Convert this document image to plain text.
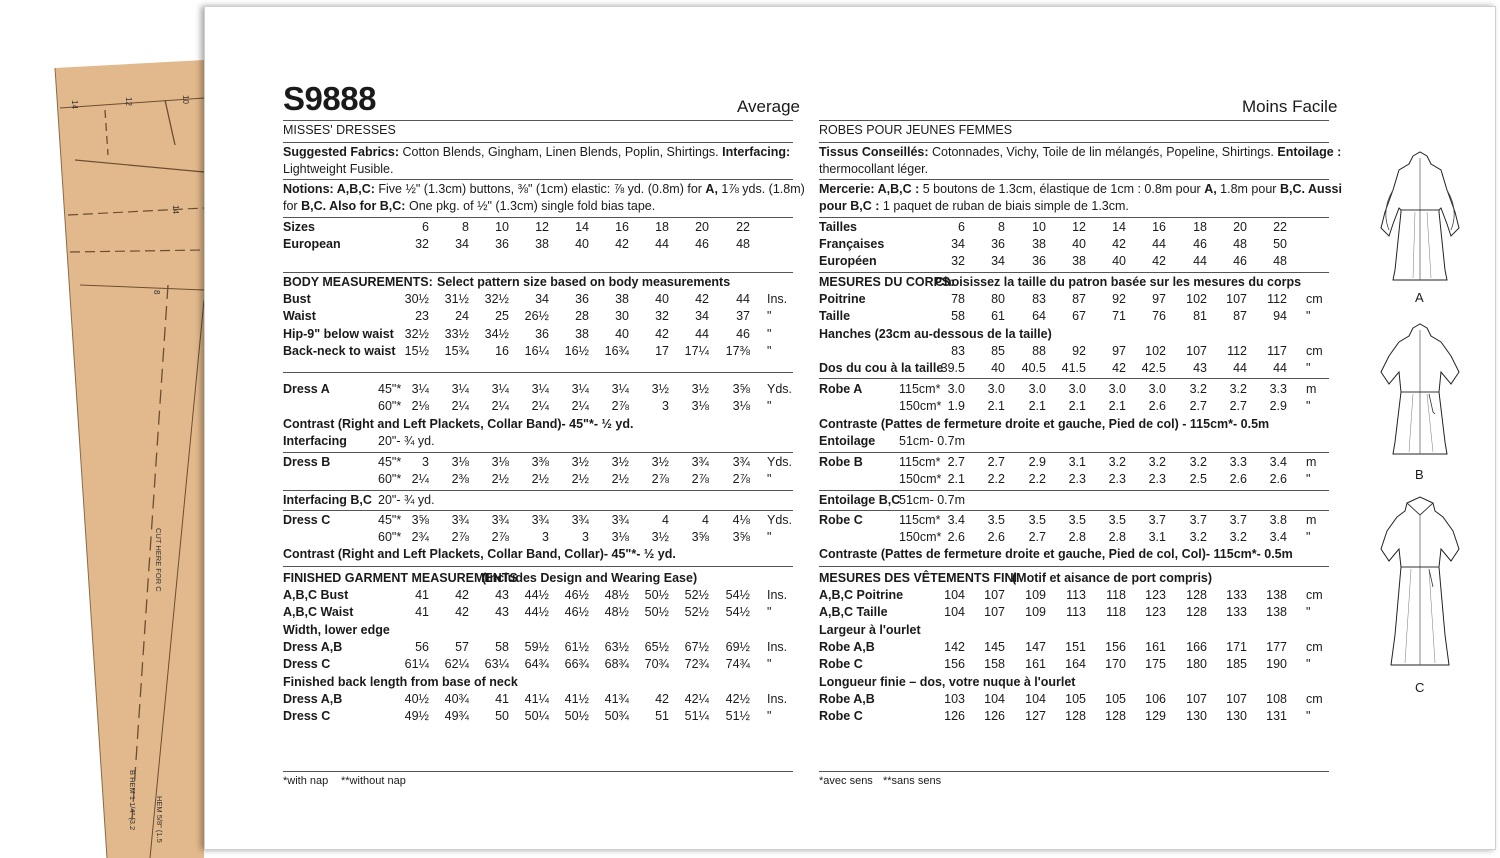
14	12	10
14
8
CUT HERE FOR C
B HEM 1 1/4" (3.2 HEM 5/8" (1.5
S9888	Average	Moins Facile
MISSES' DRESSES
Suggested Fabrics: Cotton Blends, Gingham, Linen Blends, Poplin, Shirtings. Interfacing:
Lightweight Fusible.
Notions: A,B,C: Five ½" (1.3cm) buttons, ⅜" (1cm) elastic: ⅞ yd. (0.8m) for A, 1⅞ yds. (1.8m)
for B,C. Also for B,C: One pkg. of ½" (1.3cm) single fold bias tape.
ROBES POUR JEUNES FEMMES
Tissus Conseillés: Cotonnades, Vichy, Toile de lin mélangés, Popeline, Shirtings. Entoilage :
thermocollant léger.
Mercerie: A,B,C : 5 boutons de 1.3cm, élastique de 1cm : 0.8m pour A, 1.8m pour B,C. Aussi
pour B,C : 1 paquet de ruban de biais simple de 1.3cm.
*with nap **without nap	*avec sens **sans sens
A
B
C
Sizes	6	8	10	12	14	16	18	20	22
European	32	34	36	38	40	42	44	46	48
BODY MEASUREMENTS: Select pattern size based on body measurements
Bust	30½	31½	32½	34	36	38	40	42	44 Ins.
Waist	23	24	25	26½	28	30	32	34	37 "
Hip-9" below waist 32½	33½	34½	36	38	40	42	44	46 "
Back-neck to waist 15½	15¾	16	16¼	16½	16¾	17	17¼	17⅜ "
Dress A	45"* 3¼	3¼	3¼	3¼	3¼	3¼	3½	3½	3⅝ Yds.
60"* 2⅛	2¼	2¼	2¼	2¼	2⅞	3	3⅛	3⅛ "
Contrast (Right and Left Plackets, Collar Band)- 45"*- ½ yd.
Interfacing 20"- ¾ yd.
Dress B	45"*	3	3⅛	3⅛	3⅜	3½	3½	3½	3¾	3¾ Yds.
60"* 2¼	2⅜	2½	2½	2½	2½	2⅞	2⅞	2⅞ "
Interfacing B,C 20"- ¾ yd.
Dress C	45"* 3⅝	3¾	3¾	3¾	3¾	3¾	4	4	4⅛ Yds.
60"* 2¾	2⅞	2⅞	3	3	3⅛	3½	3⅝	3⅝ "
Contrast (Right and Left Plackets, Collar Band, Collar)- 45"*- ½ yd.
FINISHED GARMENT MEASUREMENTS
(Includes Design and Wearing Ease)
A,B,C Bust	41	42	43	44½	46½	48½	50½	52½	54½ Ins.
A,B,C Waist	41	42	43	44½	46½	48½	50½	52½	54½ "
Width, lower edge
Dress A,B	56	57	58	59½	61½	63½	65½	67½	69½ Ins.
Dress C	61¼	62¼	63¼	64¾	66¾	68¾	70¾	72¾	74¾ "
Finished back length from base of neck
Dress A,B	40½	40¾	41	41¼	41½	41¾	42	42¼	42½ Ins.
Dress C	49½	49¾	50	50¼	50½	50¾	51	51¼	51½ "
Tailles	6	8	10	12	14	16	18	20	22
Françaises	34	36	38	40	42	44	46	48	50
Européen	32	34	36	38	40	42	44	46	48
MESURES DU CORPS:
Choisissez la taille du patron basée sur les mesures du corps
Poitrine	78	80	83	87	92	97	102	107	112 cm
Taille	58	61	64	67	71	76	81	87	94 "
Hanches (23cm au-dessous de la taille)
83	85	88	92	97	102	107	112	117 cm
Dos du cou à la taille
39.5	40	40.5	41.5	42	42.5	43	44	44 "
Robe A	115cm* 3.0	3.0	3.0	3.0	3.0	3.0	3.2	3.2	3.3 m
150cm* 1.9	2.1	2.1	2.1	2.1	2.6	2.7	2.7	2.9 "
Contraste (Pattes de fermeture droite et gauche, Pied de col) - 115cm*- 0.5m
Entoilage 51cm- 0.7m
Robe B	115cm* 2.7	2.7	2.9	3.1	3.2	3.2	3.2	3.3	3.4 m
150cm* 2.1	2.2	2.2	2.3	2.3	2.3	2.5	2.6	2.6 "
Entoilage B,C
51cm- 0.7m
Robe C	115cm* 3.4	3.5	3.5	3.5	3.5	3.7	3.7	3.7	3.8 m
150cm* 2.6	2.6	2.7	2.8	2.8	3.1	3.2	3.2	3.4 "
Contraste (Pattes de fermeture droite et gauche, Pied de col, Col)- 115cm*- 0.5m
MESURES DES VÊTEMENTS FINI
(Motif et aisance de port compris)
A,B,C Poitrine	104	107	109	113	118	123	128	133	138 cm
A,B,C Taille	104	107	109	113	118	123	128	133	138 "
Largeur à l'ourlet
Robe A,B	142	145	147	151	156	161	166	171	177 cm
Robe C	156	158	161	164	170	175	180	185	190 "
Longueur finie – dos, votre nuque à l'ourlet
Robe A,B	103	104	104	105	105	106	107	107	108 cm
Robe C	126	126	127	128	128	129	130	130	131 "
